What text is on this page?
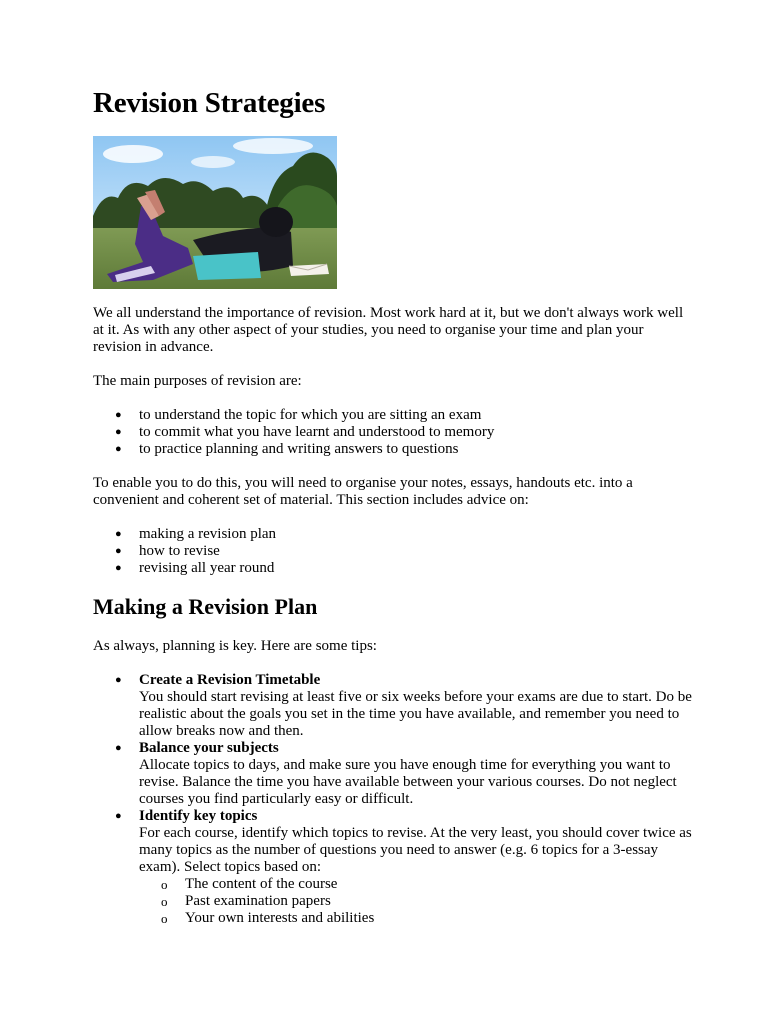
Revision Strategies

We all understand the importance of revision. Most work hard at it, but we don't always work well at it. As with any other aspect of your studies, you need to organise your time and plan your revision in advance.

The main purposes of revision are:

● to understand the topic for which you are sitting an exam
● to commit what you have learnt and understood to memory
● to practice planning and writing answers to questions

To enable you to do this, you will need to organise your notes, essays, handouts etc. into a convenient and coherent set of material. This section includes advice on:

● making a revision plan
● how to revise
● revising all year round
Making a Revision Plan

As always, planning is key. Here are some tips:

● Create a Revision Timetable
You should start revising at least five or six weeks before your exams are due to start. Do be realistic about the goals you set in the time you have available, and remember you need to allow breaks now and then.
● Balance your subjects
Allocate topics to days, and make sure you have enough time for everything you want to revise. Balance the time you have available between your various courses. Do not neglect courses you find particularly easy or difficult.
● Identify key topics
For each course, identify which topics to revise. At the very least, you should cover twice as many topics as the number of questions you need to answer (e.g. 6 topics for a 3-essay exam). Select topics based on:
o The content of the course
o Past examination papers
o Your own interests and abilities
